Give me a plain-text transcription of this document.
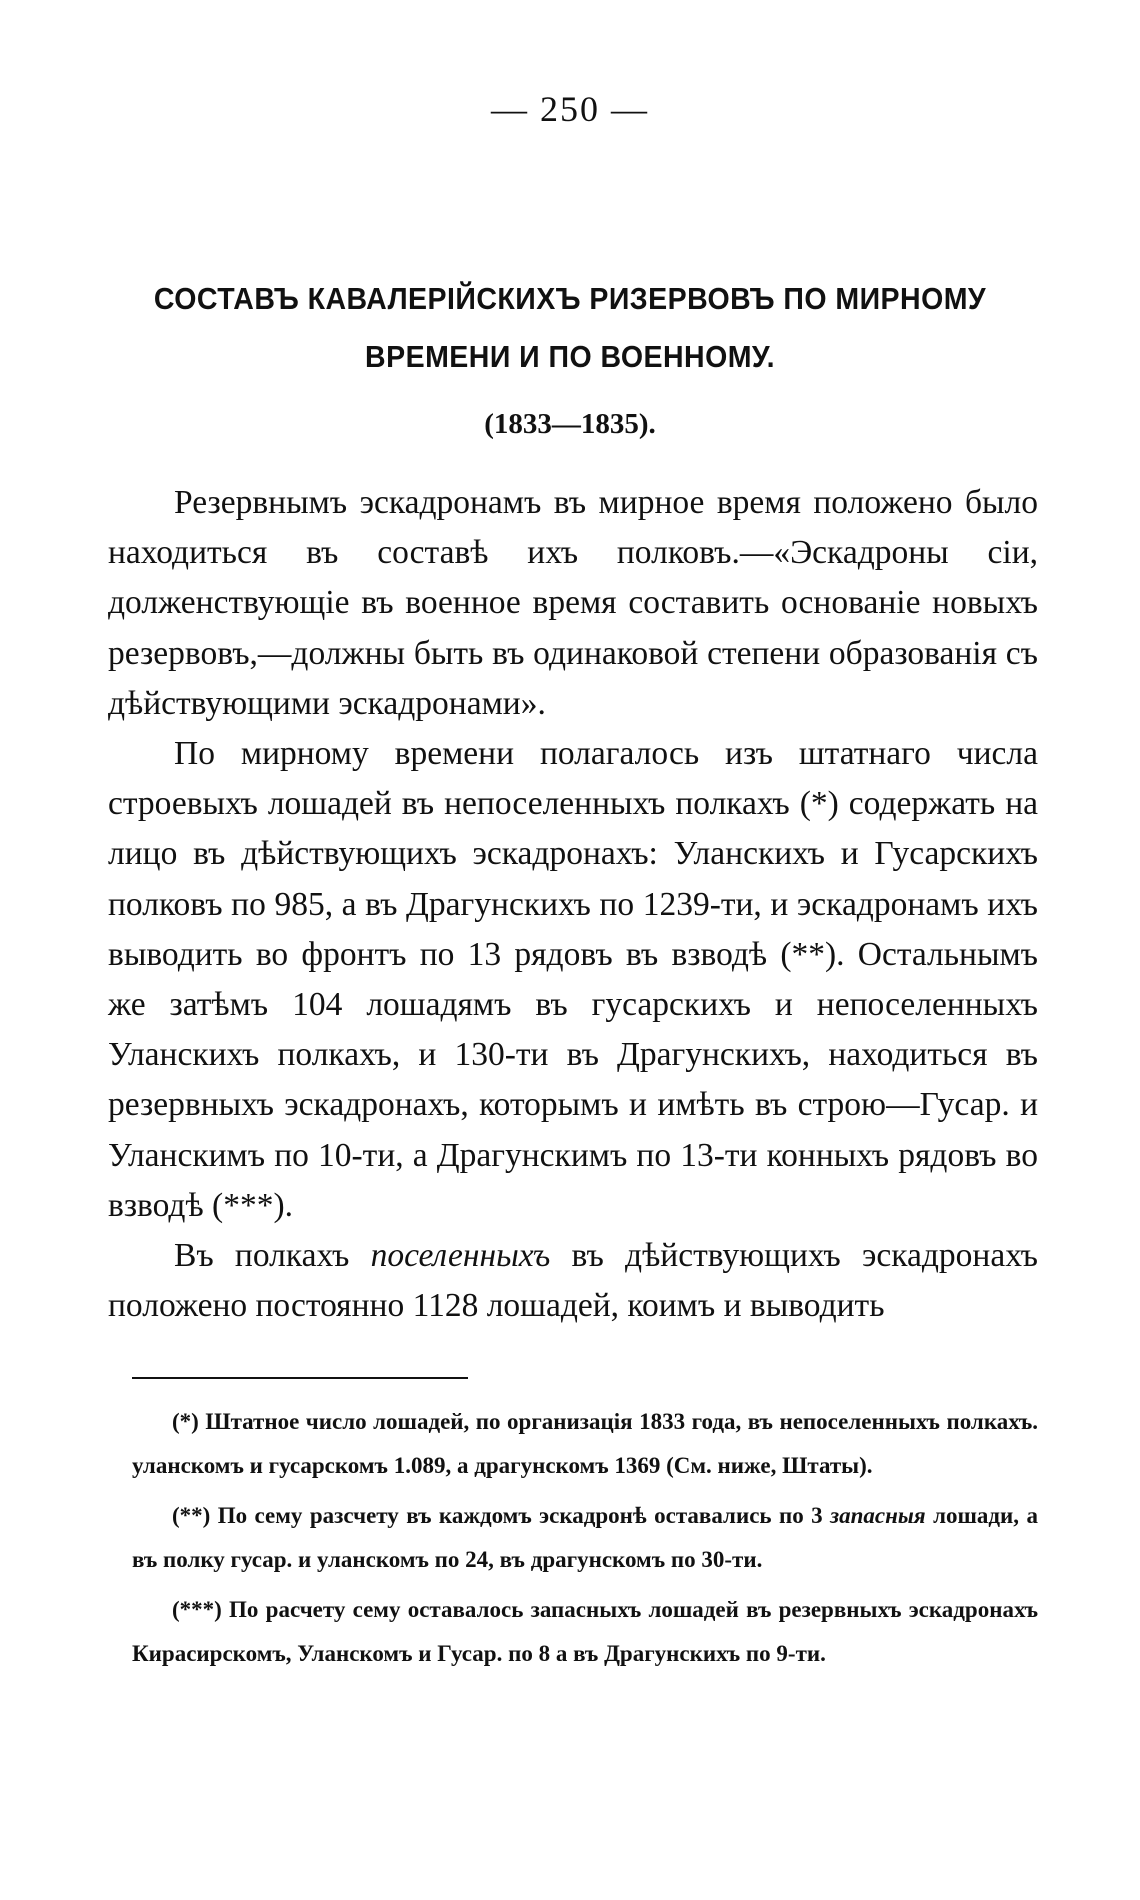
— 250 —
СОСТАВЪ КАВАЛЕРІЙСКИХЪ РИЗЕРВОВЪ ПО МИРНОМУ ВРЕМЕНИ И ПО ВОЕННОМУ.
(1833—1835).

Резервнымъ эскадронамъ въ мирное время положено было находиться въ составѣ ихъ полковъ.—«Эскадроны сіи, долженствующіе въ военное время составить основаніе новыхъ резервовъ,—должны быть въ одинаковой степени образованія съ дѣйствующими эскадронами».

По мирному времени полагалось изъ штатнаго числа строевыхъ лошадей въ непоселенныхъ полкахъ (*) содержать на лицо въ дѣйствующихъ эскадронахъ: Уланскихъ и Гусарскихъ полковъ по 985, а въ Драгунскихъ по 1239-ти, и эскадронамъ ихъ выводить во фронтъ по 13 рядовъ въ взводѣ (**). Остальнымъ же затѣмъ 104 лошадямъ въ гусарскихъ и непоселенныхъ Уланскихъ полкахъ, и 130-ти въ Драгунскихъ, находиться въ резервныхъ эскадронахъ, которымъ и имѣть въ строю—Гусар. и Уланскимъ по 10-ти, а Драгунскимъ по 13-ти конныхъ рядовъ во взводѣ (***).

Въ полкахъ поселенныхъ въ дѣйствующихъ эскадронахъ положено постоянно 1128 лошадей, коимъ и выводить

(*) Штатное число лошадей, по организація 1833 года, въ непоселенныхъ полкахъ. уланскомъ и гусарскомъ 1.089, а драгунскомъ 1369 (См. ниже, Штаты).

(**) По сему разсчету въ каждомъ эскадронѣ оставались по 3 запасныя лошади, а въ полку гусар. и уланскомъ по 24, въ драгунскомъ по 30-ти.

(***) По расчету сему оставалось запасныхъ лошадей въ резервныхъ эскадронахъ Кирасирскомъ, Уланскомъ и Гусар. по 8 а въ Драгунскихъ по 9-ти.
